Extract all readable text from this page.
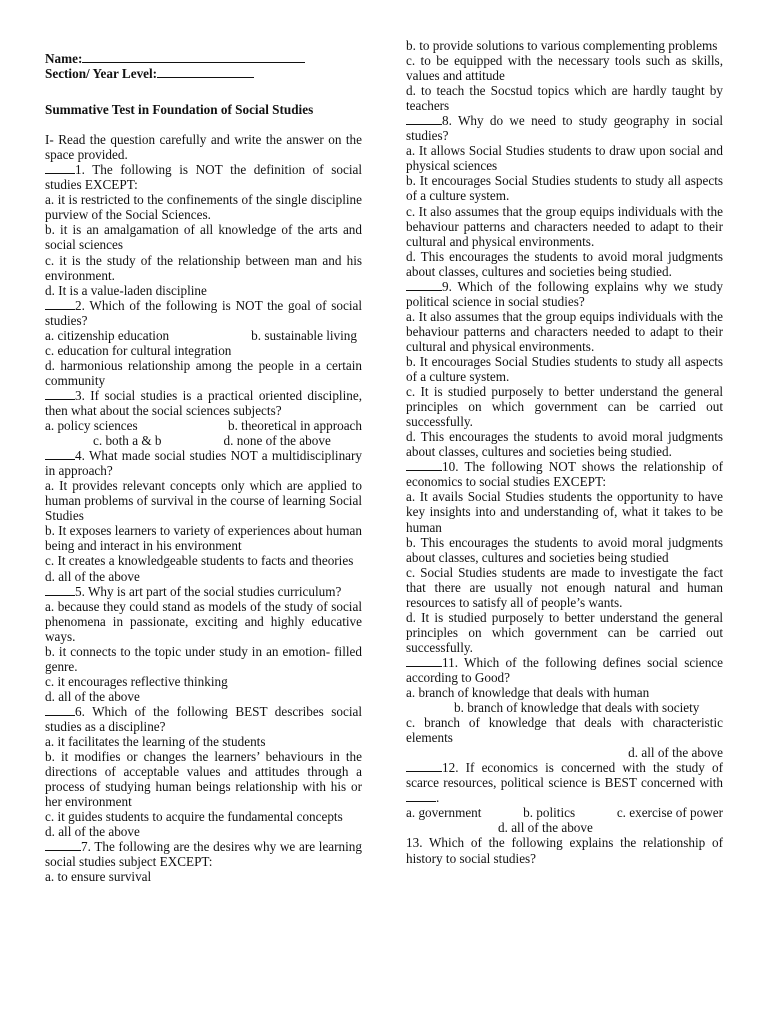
Name:

Section/ Year Level:

Summative Test in Foundation of Social Studies

I- Read the question carefully and write the answer on the space provided.

1. The following is NOT the definition of social studies EXCEPT:

a. it is restricted to the confinements of the single discipline purview of the Social Sciences.

b. it is an amalgamation of all knowledge of the arts and social sciences

c. it is the study of the relationship between man and his environment.

d. It is a value-laden discipline

2. Which of the following is NOT the goal of social studies?

a. citizenship education	b. sustainable living

c. education for cultural integration

d. harmonious relationship among the people in a certain community

3. If social studies is a practical oriented discipline, then what about the social sciences subjects?

a. policy sciences	b. theoretical in approach

c. both a & b	d. none of the above

4. What made social studies NOT a multidisciplinary in approach?

a. It provides relevant concepts only which are applied to human problems of survival in the course of learning Social Studies

b. It exposes learners to variety of experiences about human being and interact in his environment

c. It creates a knowledgeable students to facts and theories

d. all of the above

5. Why is art part of the social studies curriculum?

a. because they could stand as models of the study of social phenomena in passionate, exciting and highly educative ways.

b. it connects to the topic under study in an emotion- filled genre.

c. it encourages reflective thinking

d. all of the above

6. Which of the following BEST describes social studies as a discipline?

a. it facilitates the learning of the students

b. it modifies or changes the learners’ behaviours in the directions of acceptable values and attitudes through a process of studying human beings relationship with his or her environment

c. it guides students to acquire the fundamental concepts

d. all of the above

7. The following are the desires why we are learning social studies subject EXCEPT:

a. to ensure survival

b. to provide solutions to various complementing problems

c. to be equipped with the necessary tools such as skills, values and attitude

d. to teach the Socstud topics which are hardly taught by teachers

8. Why do we need to study geography in social studies?

a. It allows Social Studies students to draw upon social and physical sciences

b. It encourages Social Studies students to study all aspects of a culture system.

c. It also assumes that the group equips individuals with the behaviour patterns and characters needed to adapt to their cultural and physical environments.

d. This encourages the students to avoid moral judgments about classes, cultures and societies being studied.

9. Which of the following explains why we study political science in social studies?

a. It also assumes that the group equips individuals with the behaviour patterns and characters needed to adapt to their cultural and physical environments.

b. It encourages Social Studies students to study all aspects of a culture system.

c. It is studied purposely to better understand the general principles on which government can be carried out successfully.

d. This encourages the students to avoid moral judgments about classes, cultures and societies being studied.

10. The following NOT shows the relationship of economics to social studies EXCEPT:

a. It avails Social Studies students the opportunity to have key insights into and understanding of, what it takes to be human

b. This encourages the students to avoid moral judgments about classes, cultures and societies being studied

c. Social Studies students are made to investigate the fact that there are usually not enough natural and human resources to satisfy all of people’s wants.

d. It is studied purposely to better understand the general principles on which government can be carried out successfully.

11. Which of the following defines social science according to Good?

a. branch of knowledge that deals with human

b. branch of knowledge that deals with society

c. branch of knowledge that deals with characteristic elements

d. all of the above

12. If economics is concerned with the study of scarce resources, political science is BEST concerned with .

a. government	b. politics	c. exercise of power

d. all of the above

13. Which of the following explains the relationship of history to social studies?
